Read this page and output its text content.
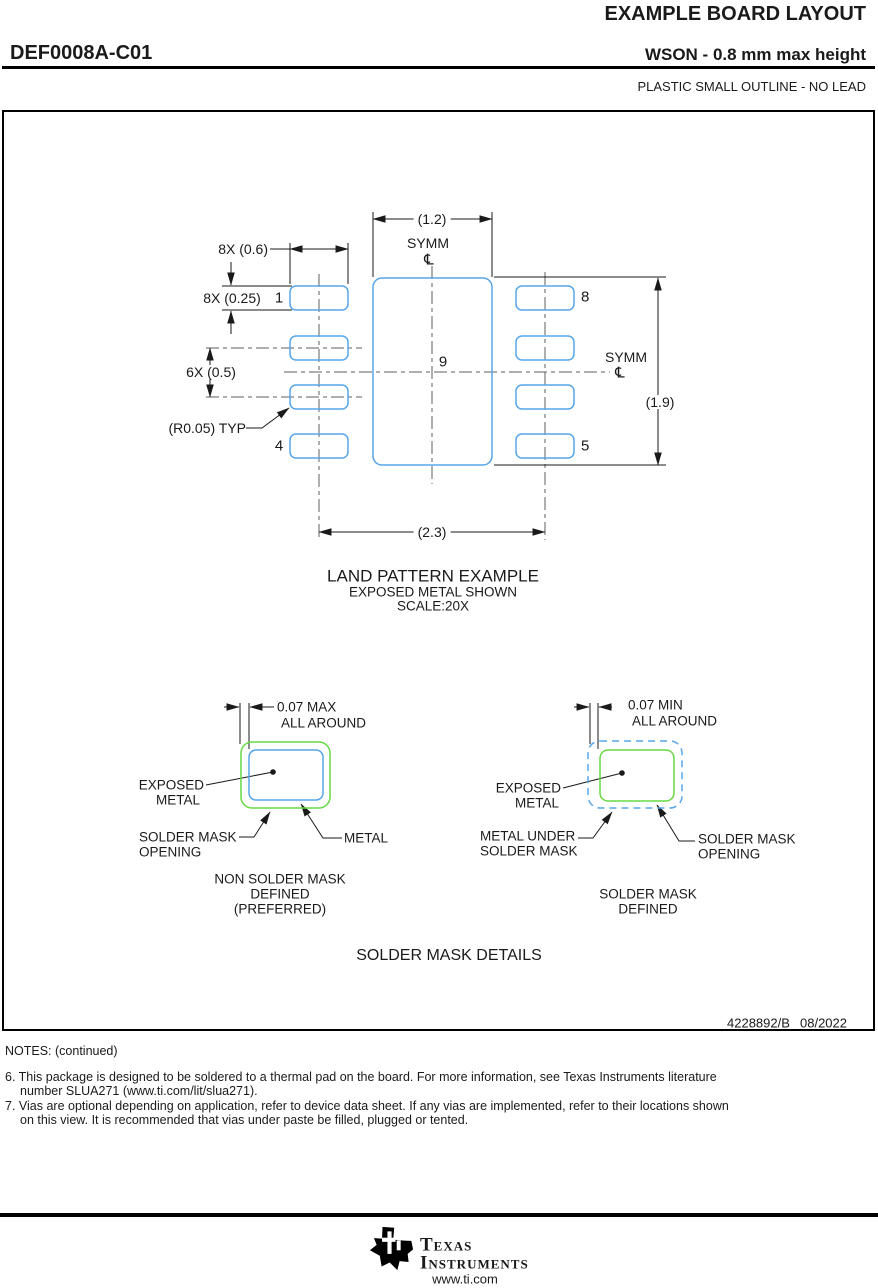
EXAMPLE BOARD LAYOUT
DEF0008A-C01	WSON - 0.8 mm max height
PLASTIC SMALL OUTLINE - NO LEAD
(1.2)
SYMM
℄
8X (0.6)
8X (0.25) 1
6X (0.5)
(R0.05) TYP
4
8
5
9	SYMM
℄
(1.9)
(2.3)
LAND PATTERN EXAMPLE
EXPOSED METAL SHOWN
SCALE:20X
0.07 MAX
ALL AROUND
EXPOSED
METAL
SOLDER MASK
OPENING
METAL
NON SOLDER MASK
DEFINED
(PREFERRED)
0.07 MIN
ALL AROUND
EXPOSED
METAL
METAL UNDER
SOLDER MASK
SOLDER MASK
OPENING
SOLDER MASK
DEFINED
SOLDER MASK DETAILS
4228892/B 08/2022
NOTES: (continued)
6. This package is designed to be soldered to a thermal pad on the board. For more information, see Texas Instruments literature
number SLUA271 (www.ti.com/lit/slua271).
7. Vias are optional depending on application, refer to device data sheet. If any vias are implemented, refer to their locations shown
on this view. It is recommended that vias under paste be filled, plugged or tented.
Texas
Instruments
www.ti.com
